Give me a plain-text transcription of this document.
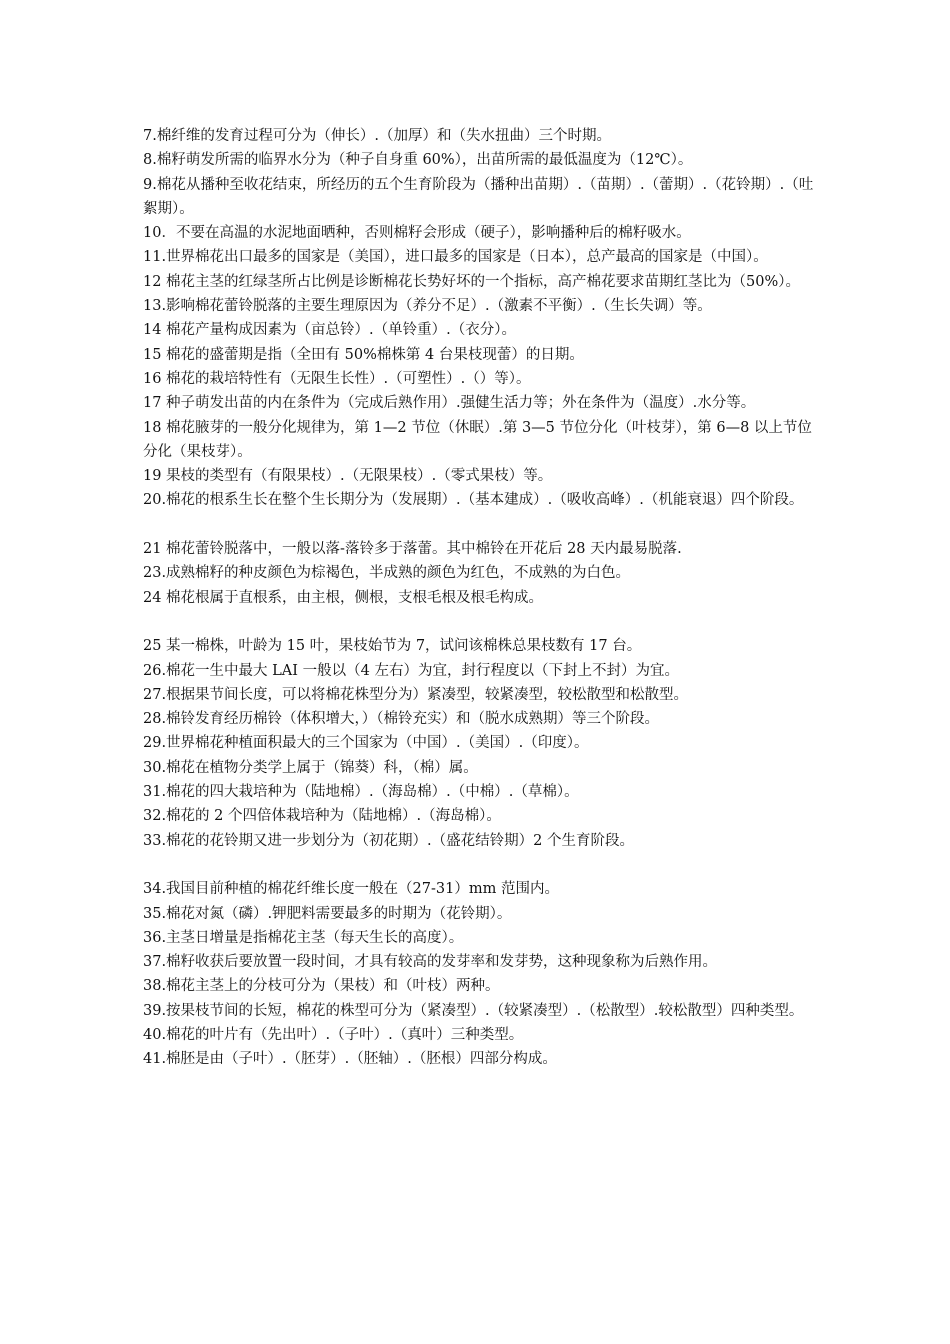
7.棉纤维的发育过程可分为（伸长）.（加厚）和（失水扭曲）三个时期。
8.棉籽萌发所需的临界水分为（种子自身重 60%），出苗所需的最低温度为（12℃）。
9.棉花从播种至收花结束，所经历的五个生育阶段为（播种出苗期）.（苗期）.（蕾期）.（花铃期）.（吐絮期）。
10．不要在高温的水泥地面晒种，否则棉籽会形成（硬子），影响播种后的棉籽吸水。
11.世界棉花出口最多的国家是（美国），进口最多的国家是（日本），总产最高的国家是（中国）。
12 棉花主茎的红绿茎所占比例是诊断棉花长势好坏的一个指标，高产棉花要求苗期红茎比为（50%）。
13.影响棉花蕾铃脱落的主要生理原因为（养分不足）.（激素不平衡）.（生长失调）等。
14 棉花产量构成因素为（亩总铃）.（单铃重）.（衣分）。
15 棉花的盛蕾期是指（全田有 50%棉株第 4 台果枝现蕾）的日期。
16 棉花的栽培特性有（无限生长性）.（可塑性）.（）等）。
17 种子萌发出苗的内在条件为（完成后熟作用）.强健生活力等；外在条件为（温度）.水分等。
18 棉花腋芽的一般分化规律为，第 1—2 节位（休眠）.第 3—5 节位分化（叶枝芽），第 6—8 以上节位分化（果枝芽）。
19 果枝的类型有（有限果枝）.（无限果枝）.（零式果枝）等。
20.棉花的根系生长在整个生长期分为（发展期）.（基本建成）.（吸收高峰）.（机能衰退）四个阶段。
21 棉花蕾铃脱落中，一般以落-落铃多于落蕾。其中棉铃在开花后 28 天内最易脱落.
23.成熟棉籽的种皮颜色为棕褐色，半成熟的颜色为红色，不成熟的为白色。
24 棉花根属于直根系，由主根，侧根，支根毛根及根毛构成。
25 某一棉株，叶龄为 15 叶，果枝始节为 7，试问该棉株总果枝数有 17 台。
26.棉花一生中最大 LAI 一般以（4 左右）为宜，封行程度以（下封上不封）为宜。
27.根据果节间长度，可以将棉花株型分为）紧凑型，较紧凑型，较松散型和松散型。
28.棉铃发育经历棉铃（体积增大，）（棉铃充实）和（脱水成熟期）等三个阶段。
29.世界棉花种植面积最大的三个国家为（中国）.（美国）.（印度）。
30.棉花在植物分类学上属于（锦葵）科，（棉）属。
31.棉花的四大栽培种为（陆地棉）.（海岛棉）.（中棉）.（草棉）。
32.棉花的 2 个四倍体栽培种为（陆地棉）.（海岛棉）。
33.棉花的花铃期又进一步划分为（初花期）.（盛花结铃期）2 个生育阶段。
34.我国目前种植的棉花纤维长度一般在（27-31）mm 范围内。
35.棉花对氮（磷）.钾肥料需要最多的时期为（花铃期）。
36.主茎日增量是指棉花主茎（每天生长的高度）。
37.棉籽收获后要放置一段时间，才具有较高的发芽率和发芽势，这种现象称为后熟作用。
38.棉花主茎上的分枝可分为（果枝）和（叶枝）两种。
39.按果枝节间的长短，棉花的株型可分为（紧凑型）.（较紧凑型）.（松散型）.较松散型）四种类型。
40.棉花的叶片有（先出叶）.（子叶）.（真叶）三种类型。
41.棉胚是由（子叶）.（胚芽）.（胚轴）.（胚根）四部分构成。
